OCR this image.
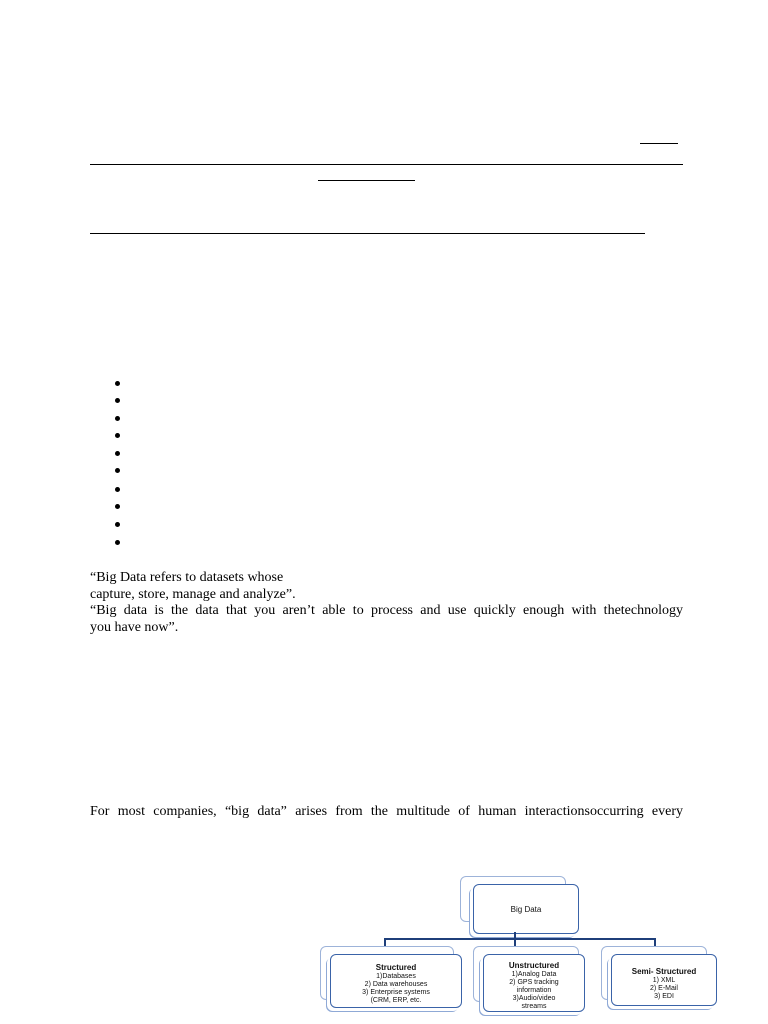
“Big Data refers to datasets whose
capture, store, manage and analyze”.
“Big data is the data that you aren’t able to process and use quickly enough with thetechnology
you have now”.
For most companies, “big data” arises from the multitude of human interactionsoccurring every
Big Data
Structured
1)Databases
2) Data warehouses
3) Enterprise systems
(CRM, ERP, etc.
Unstructured
1)Analog Data
2) GPS tracking
information
3)Audio/video
streams
Semi- Structured
1) XML
2) E-Mail
3) EDI
